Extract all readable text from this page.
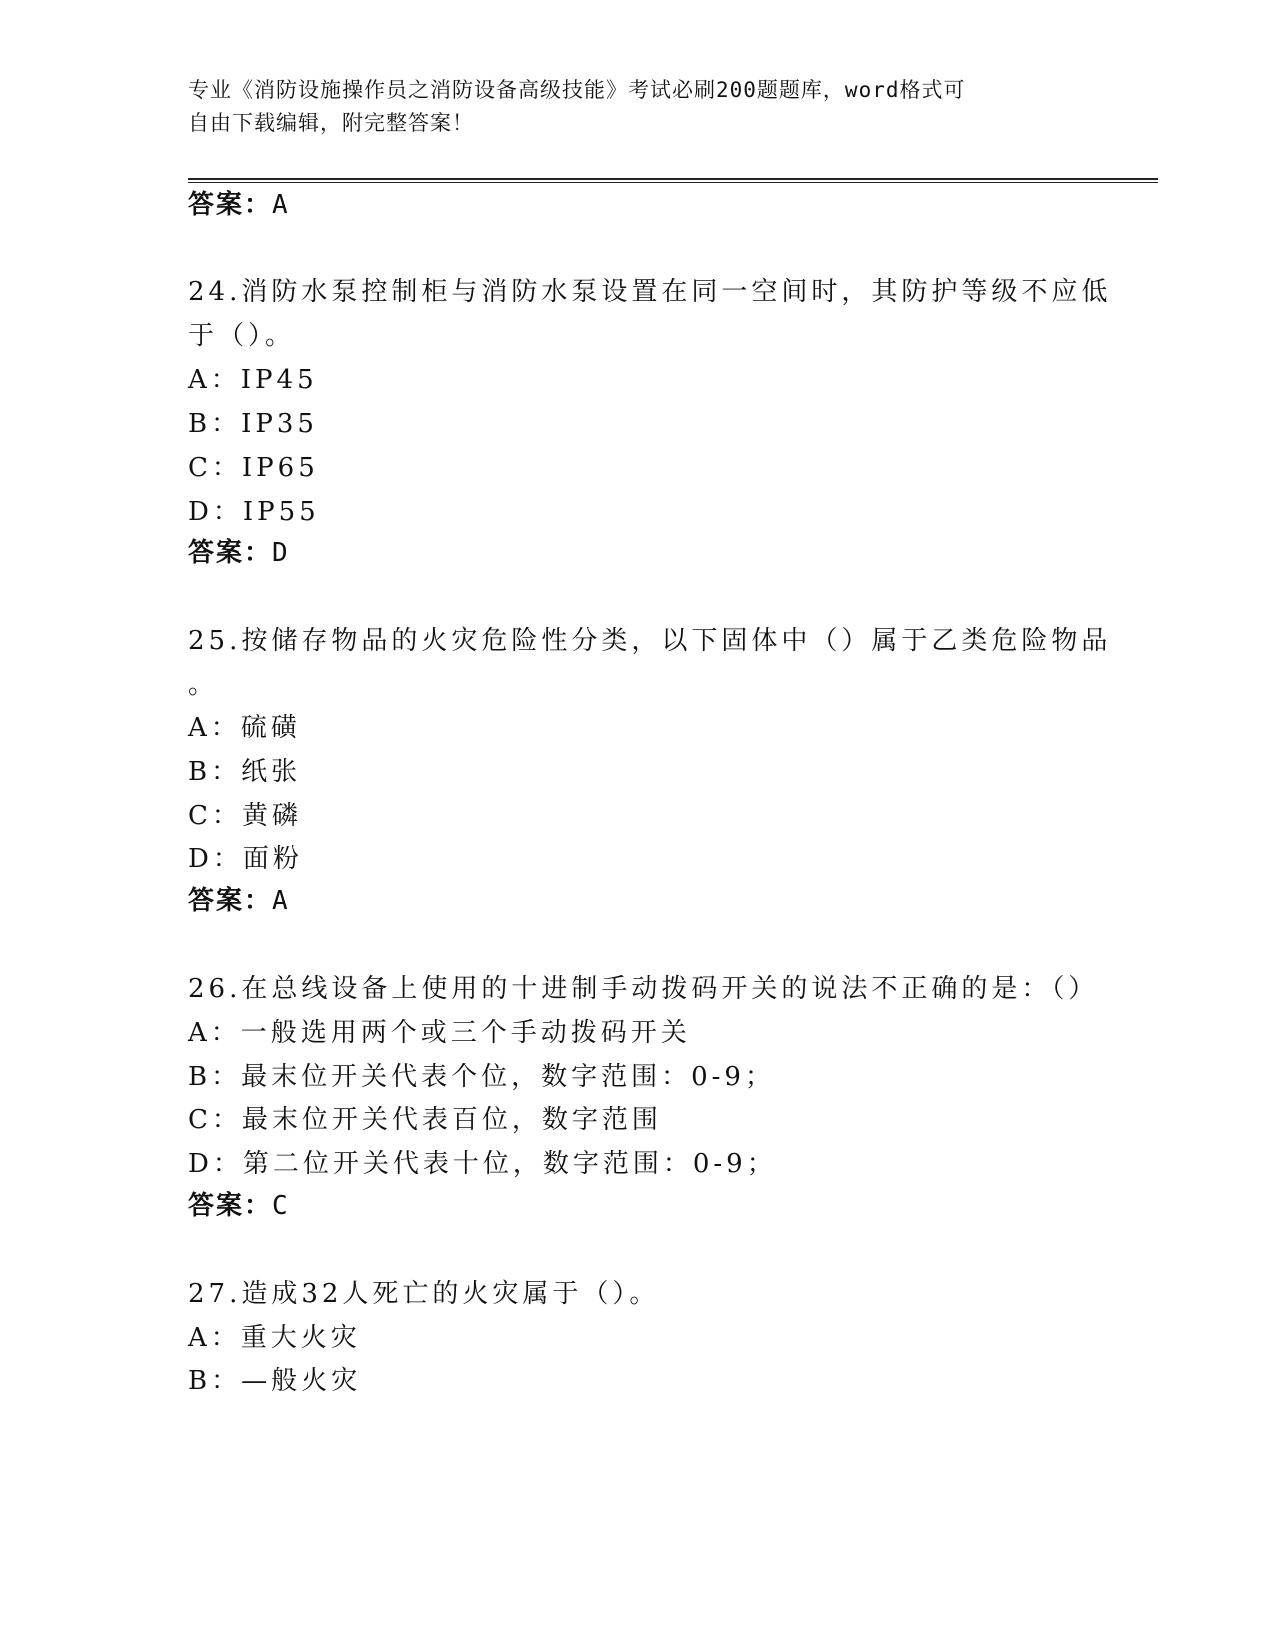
专业《消防设施操作员之消防设备高级技能》考试必刷200题题库，word格式可
自由下载编辑，附完整答案！
答案：A
24.消防水泵控制柜与消防水泵设置在同一空间时，其防护等级不应低
于（）。
A：IP45
B：IP35
C：IP65
D：IP55
答案：D
25.按储存物品的火灾危险性分类，以下固体中（）属于乙类危险物品
。
A：硫磺
B：纸张
C：黄磷
D：面粉
答案：A
26.在总线设备上使用的十进制手动拨码开关的说法不正确的是：（）
A：一般选用两个或三个手动拨码开关
B：最末位开关代表个位，数字范围：0-9；
C：最末位开关代表百位，数字范围
D：第二位开关代表十位，数字范围：0-9；
答案：C
27.造成32人死亡的火灾属于（）。
A：重大火灾
B：—般火灾
